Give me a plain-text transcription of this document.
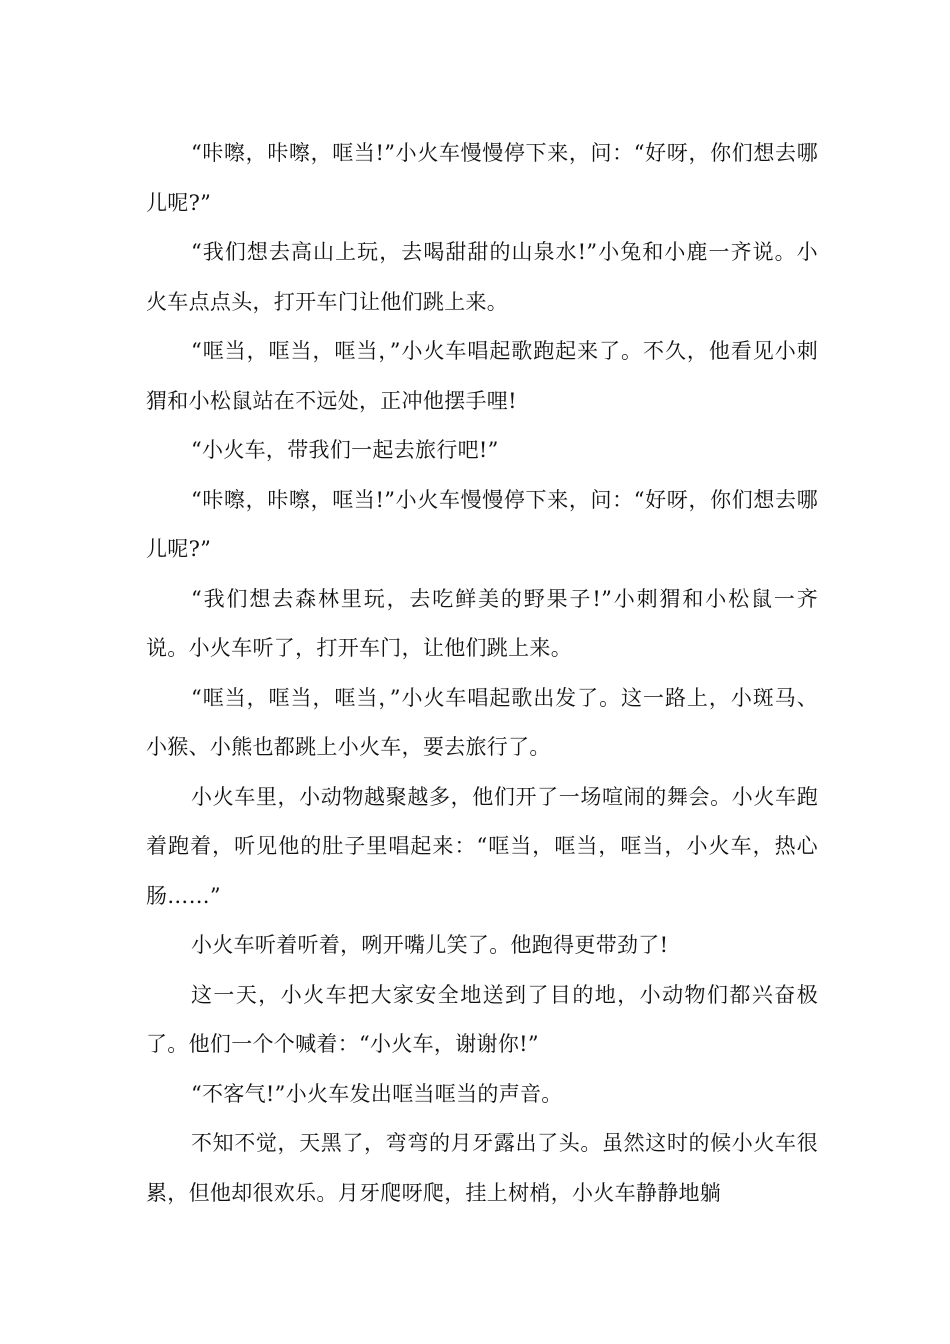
“咔嚓，咔嚓，哐当!”小火车慢慢停下来，问：“好呀，你们想去哪儿呢?”

“我们想去高山上玩，去喝甜甜的山泉水!”小兔和小鹿一齐说。小火车点点头，打开车门让他们跳上来。

“哐当，哐当，哐当，”小火车唱起歌跑起来了。不久，他看见小刺猬和小松鼠站在不远处，正冲他摆手哩!

“小火车，带我们一起去旅行吧!”

“咔嚓，咔嚓，哐当!”小火车慢慢停下来，问：“好呀，你们想去哪儿呢?”

“我们想去森林里玩，去吃鲜美的野果子!”小刺猬和小松鼠一齐说。小火车听了，打开车门，让他们跳上来。

“哐当，哐当，哐当，”小火车唱起歌出发了。这一路上，小斑马、小猴、小熊也都跳上小火车，要去旅行了。

小火车里，小动物越聚越多，他们开了一场喧闹的舞会。小火车跑着跑着，听见他的肚子里唱起来：“哐当，哐当，哐当，小火车，热心肠……”

小火车听着听着，咧开嘴儿笑了。他跑得更带劲了!

这一天，小火车把大家安全地送到了目的地，小动物们都兴奋极了。他们一个个喊着：“小火车，谢谢你!”

“不客气!”小火车发出哐当哐当的声音。

不知不觉，天黑了，弯弯的月牙露出了头。虽然这时的候小火车很累，但他却很欢乐。月牙爬呀爬，挂上树梢，小火车静静地躺
